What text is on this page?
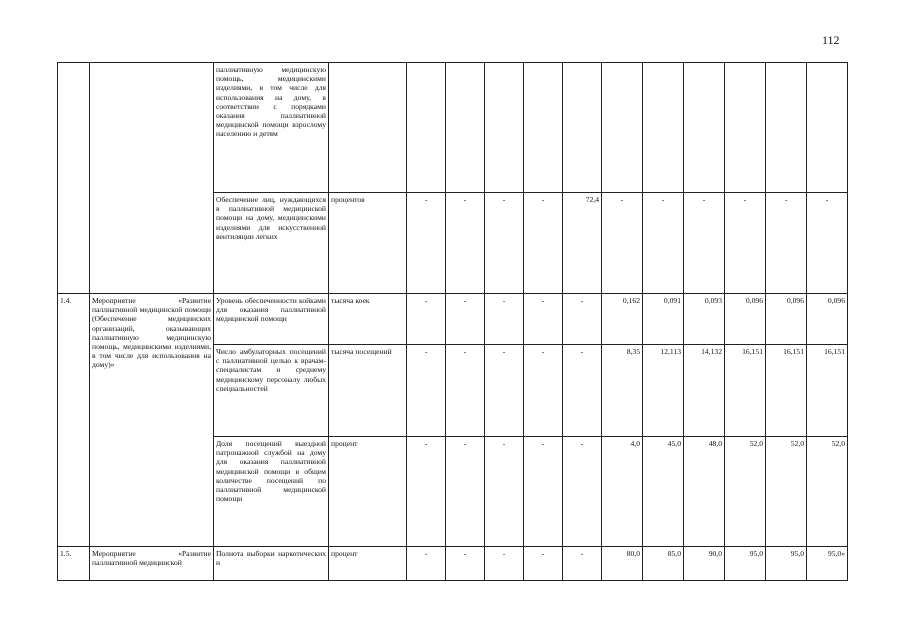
112
		паллиативную медицинскую помощь, медицинскими изделиями, в том числе для использования на дому, в соответствии с порядками оказания паллиативной медицинской помощи взрослому населению и детям												
		Обеспечение лиц, нуждающихся в паллиативной медицинской помощи на дому, медицинскими изделиями для искусственной вентиляции легких	процентов	-	-	-	-	72,4	-	-	-	-	-	-
1.4.	Мероприятие «Развитие паллиативной медицинской помощи (Обеспечение медицинских организаций, оказывающих паллиативную медицинскую помощь, медицинскими изделиями, в том числе для использования на дому)»	Уровень обеспеченности койками для оказания паллиативной медицинской помощи	тысяча коек	-	-	-	-	-	0,162	0,091	0,093	0,096	0,096	0,096
		Число амбулаторных посещений с паллиативной целью к врачам-специалистам и среднему медицинскому персоналу любых специальностей	тысяча посещений	-	-	-	-	-	8,35	12,113	14,132	16,151	16,151	16,151
		Доля посещений выездной патронажной службой на дому для оказания паллиативной медицинской помощи в общем количестве посещений по паллиативной медицинской помощи	процент	-	-	-	-	-	4,0	45,0	48,0	52,0	52,0	52,0
1.5.	Мероприятие «Развитие паллиативной медицинской	Полнота выборки наркотических и	процент	-	-	-	-	-	80,0	85,0	90,0	95,0	95,0	95,0»
